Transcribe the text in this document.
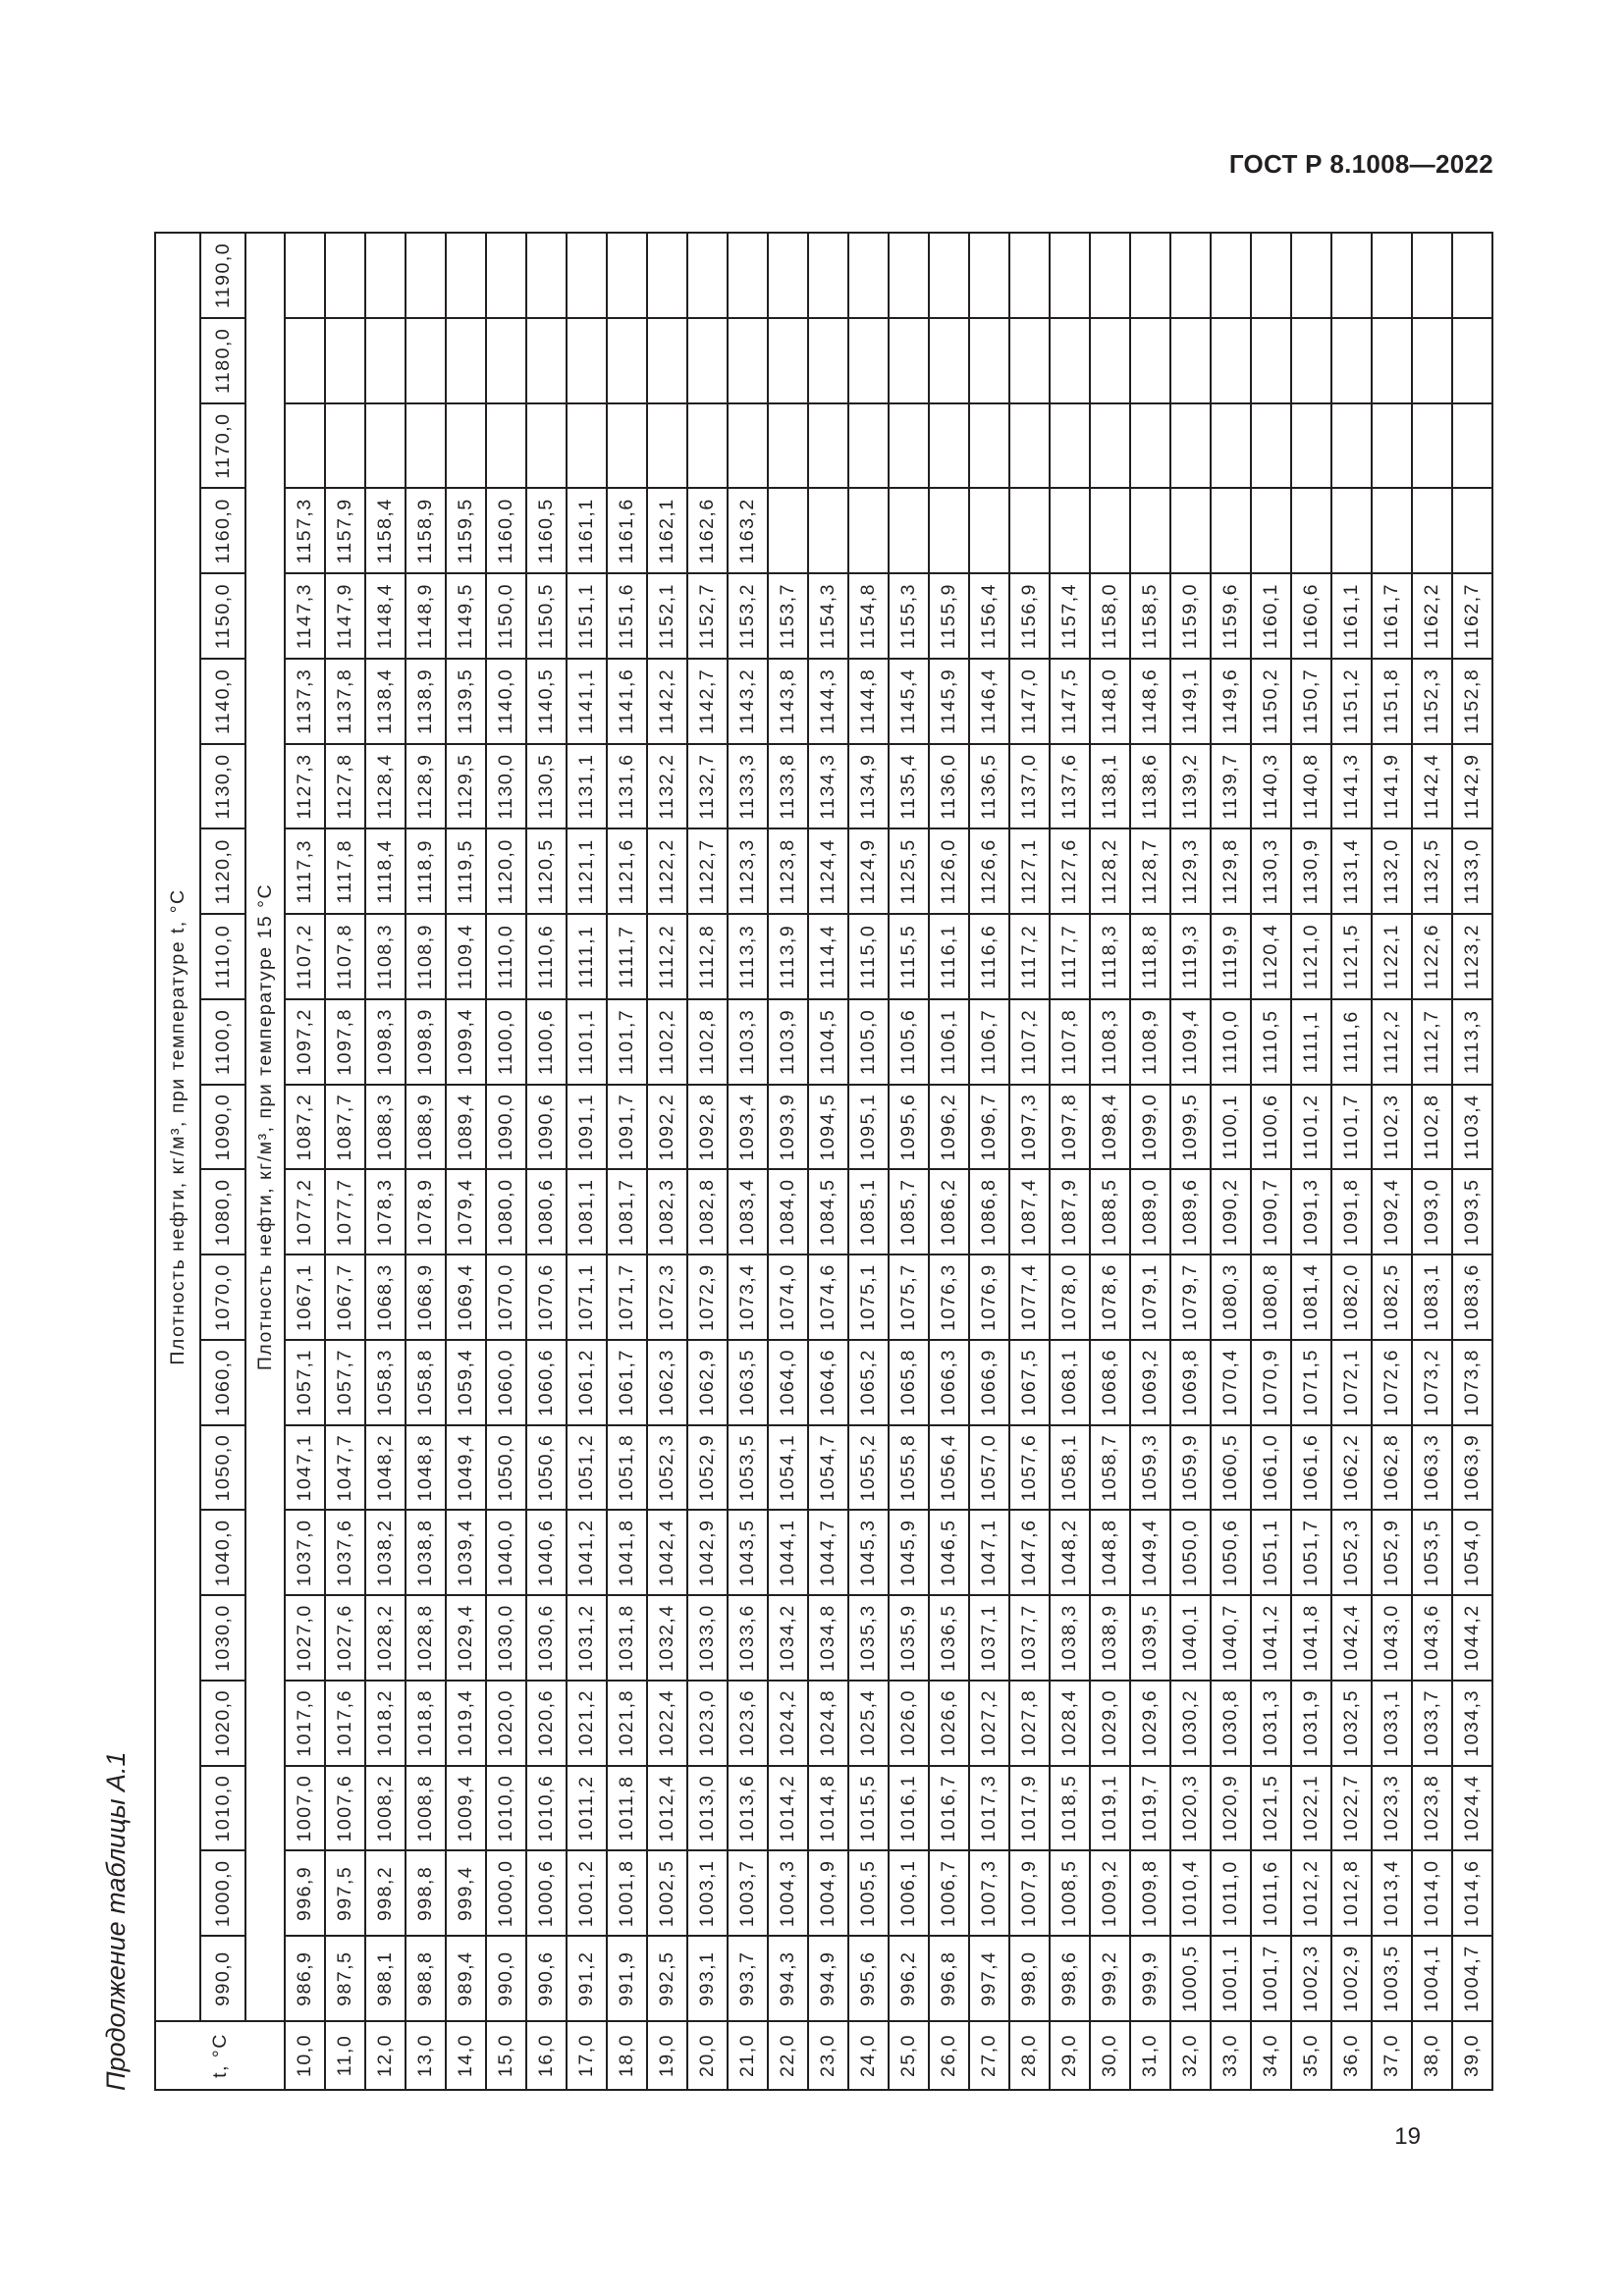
ГОСТ Р 8.1008—2022
Продолжение таблицы А.1	t, °C	Плотность нефти, кг/м³, при температуре t, °C																				
	990,0	1000,0	1010,0	1020,0	1030,0	1040,0	1050,0	1060,0	1070,0	1080,0	1090,0	1100,0	1110,0	1120,0	1130,0	1140,0	1150,0	1160,0	1170,0	1180,0	1190,0
	Плотность нефти, кг/м³, при температуре 15 °C																				
10,0	986,9	996,9	1007,0	1017,0	1027,0	1037,0	1047,1	1057,1	1067,1	1077,2	1087,2	1097,2	1107,2	1117,3	1127,3	1137,3	1147,3	1157,3			
11,0	987,5	997,5	1007,6	1017,6	1027,6	1037,6	1047,7	1057,7	1067,7	1077,7	1087,7	1097,8	1107,8	1117,8	1127,8	1137,8	1147,9	1157,9			
12,0	988,1	998,2	1008,2	1018,2	1028,2	1038,2	1048,2	1058,3	1068,3	1078,3	1088,3	1098,3	1108,3	1118,4	1128,4	1138,4	1148,4	1158,4			
13,0	988,8	998,8	1008,8	1018,8	1028,8	1038,8	1048,8	1058,8	1068,9	1078,9	1088,9	1098,9	1108,9	1118,9	1128,9	1138,9	1148,9	1158,9			
14,0	989,4	999,4	1009,4	1019,4	1029,4	1039,4	1049,4	1059,4	1069,4	1079,4	1089,4	1099,4	1109,4	1119,5	1129,5	1139,5	1149,5	1159,5			
15,0	990,0	1000,0	1010,0	1020,0	1030,0	1040,0	1050,0	1060,0	1070,0	1080,0	1090,0	1100,0	1110,0	1120,0	1130,0	1140,0	1150,0	1160,0			
16,0	990,6	1000,6	1010,6	1020,6	1030,6	1040,6	1050,6	1060,6	1070,6	1080,6	1090,6	1100,6	1110,6	1120,5	1130,5	1140,5	1150,5	1160,5			
17,0	991,2	1001,2	1011,2	1021,2	1031,2	1041,2	1051,2	1061,2	1071,1	1081,1	1091,1	1101,1	1111,1	1121,1	1131,1	1141,1	1151,1	1161,1			
18,0	991,9	1001,8	1011,8	1021,8	1031,8	1041,8	1051,8	1061,7	1071,7	1081,7	1091,7	1101,7	1111,7	1121,6	1131,6	1141,6	1151,6	1161,6			
19,0	992,5	1002,5	1012,4	1022,4	1032,4	1042,4	1052,3	1062,3	1072,3	1082,3	1092,2	1102,2	1112,2	1122,2	1132,2	1142,2	1152,1	1162,1			
20,0	993,1	1003,1	1013,0	1023,0	1033,0	1042,9	1052,9	1062,9	1072,9	1082,8	1092,8	1102,8	1112,8	1122,7	1132,7	1142,7	1152,7	1162,6			
21,0	993,7	1003,7	1013,6	1023,6	1033,6	1043,5	1053,5	1063,5	1073,4	1083,4	1093,4	1103,3	1113,3	1123,3	1133,3	1143,2	1153,2	1163,2			
22,0	994,3	1004,3	1014,2	1024,2	1034,2	1044,1	1054,1	1064,0	1074,0	1084,0	1093,9	1103,9	1113,9	1123,8	1133,8	1143,8	1153,7				
23,0	994,9	1004,9	1014,8	1024,8	1034,8	1044,7	1054,7	1064,6	1074,6	1084,5	1094,5	1104,5	1114,4	1124,4	1134,3	1144,3	1154,3				
24,0	995,6	1005,5	1015,5	1025,4	1035,3	1045,3	1055,2	1065,2	1075,1	1085,1	1095,1	1105,0	1115,0	1124,9	1134,9	1144,8	1154,8				
25,0	996,2	1006,1	1016,1	1026,0	1035,9	1045,9	1055,8	1065,8	1075,7	1085,7	1095,6	1105,6	1115,5	1125,5	1135,4	1145,4	1155,3				
26,0	996,8	1006,7	1016,7	1026,6	1036,5	1046,5	1056,4	1066,3	1076,3	1086,2	1096,2	1106,1	1116,1	1126,0	1136,0	1145,9	1155,9				
27,0	997,4	1007,3	1017,3	1027,2	1037,1	1047,1	1057,0	1066,9	1076,9	1086,8	1096,7	1106,7	1116,6	1126,6	1136,5	1146,4	1156,4				
28,0	998,0	1007,9	1017,9	1027,8	1037,7	1047,6	1057,6	1067,5	1077,4	1087,4	1097,3	1107,2	1117,2	1127,1	1137,0	1147,0	1156,9				
29,0	998,6	1008,5	1018,5	1028,4	1038,3	1048,2	1058,1	1068,1	1078,0	1087,9	1097,8	1107,8	1117,7	1127,6	1137,6	1147,5	1157,4				
30,0	999,2	1009,2	1019,1	1029,0	1038,9	1048,8	1058,7	1068,6	1078,6	1088,5	1098,4	1108,3	1118,3	1128,2	1138,1	1148,0	1158,0				
31,0	999,9	1009,8	1019,7	1029,6	1039,5	1049,4	1059,3	1069,2	1079,1	1089,0	1099,0	1108,9	1118,8	1128,7	1138,6	1148,6	1158,5				
32,0	1000,5	1010,4	1020,3	1030,2	1040,1	1050,0	1059,9	1069,8	1079,7	1089,6	1099,5	1109,4	1119,3	1129,3	1139,2	1149,1	1159,0				
33,0	1001,1	1011,0	1020,9	1030,8	1040,7	1050,6	1060,5	1070,4	1080,3	1090,2	1100,1	1110,0	1119,9	1129,8	1139,7	1149,6	1159,6				
34,0	1001,7	1011,6	1021,5	1031,3	1041,2	1051,1	1061,0	1070,9	1080,8	1090,7	1100,6	1110,5	1120,4	1130,3	1140,3	1150,2	1160,1				
35,0	1002,3	1012,2	1022,1	1031,9	1041,8	1051,7	1061,6	1071,5	1081,4	1091,3	1101,2	1111,1	1121,0	1130,9	1140,8	1150,7	1160,6				
36,0	1002,9	1012,8	1022,7	1032,5	1042,4	1052,3	1062,2	1072,1	1082,0	1091,8	1101,7	1111,6	1121,5	1131,4	1141,3	1151,2	1161,1				
37,0	1003,5	1013,4	1023,3	1033,1	1043,0	1052,9	1062,8	1072,6	1082,5	1092,4	1102,3	1112,2	1122,1	1132,0	1141,9	1151,8	1161,7				
38,0	1004,1	1014,0	1023,8	1033,7	1043,6	1053,5	1063,3	1073,2	1083,1	1093,0	1102,8	1112,7	1122,6	1132,5	1142,4	1152,3	1162,2				
39,0	1004,7	1014,6	1024,4	1034,3	1044,2	1054,0	1063,9	1073,8	1083,6	1093,5	1103,4	1113,3	1123,2	1133,0	1142,9	1152,8	1162,7				
19
